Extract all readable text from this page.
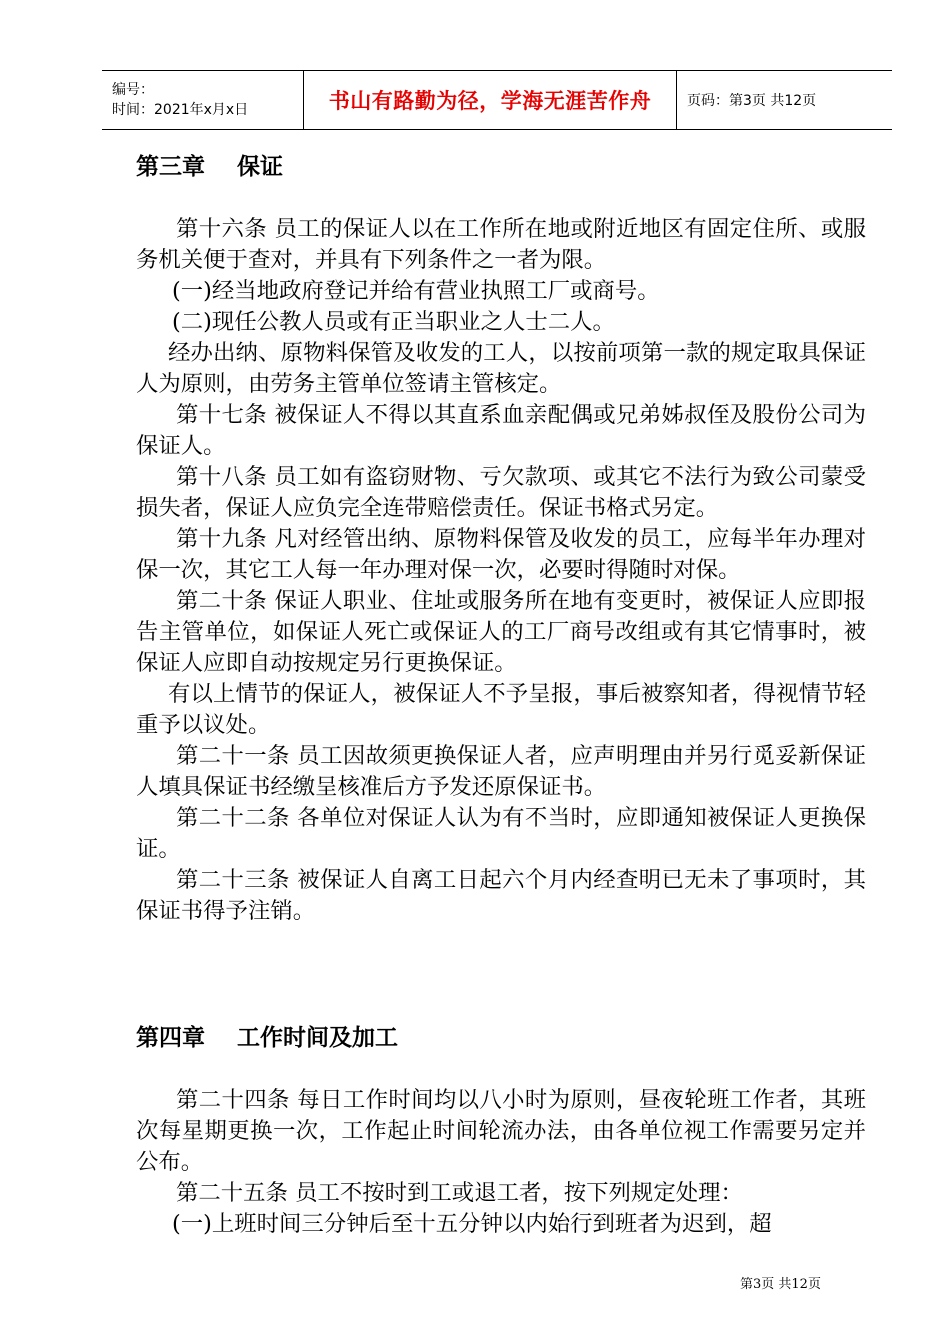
编号：
时间：2021年x月x日	书山有路勤为径，学海无涯苦作舟	页码：第3页 共12页
第三章    保证

第十六条 员工的保证人以在工作所在地或附近地区有固定住所、或服务机关便于查对，并具有下列条件之一者为限。

(一)经当地政府登记并给有营业执照工厂或商号。

(二)现任公教人员或有正当职业之人士二人。

经办出纳、原物料保管及收发的工人，以按前项第一款的规定取具保证人为原则，由劳务主管单位签请主管核定。

第十七条 被保证人不得以其直系血亲配偶或兄弟姊叔侄及股份公司为保证人。

第十八条 员工如有盗窃财物、亏欠款项、或其它不法行为致公司蒙受损失者，保证人应负完全连带赔偿责任。保证书格式另定。

第十九条 凡对经管出纳、原物料保管及收发的员工，应每半年办理对保一次，其它工人每一年办理对保一次，必要时得随时对保。

第二十条 保证人职业、住址或服务所在地有变更时，被保证人应即报告主管单位，如保证人死亡或保证人的工厂商号改组或有其它情事时，被保证人应即自动按规定另行更换保证。

有以上情节的保证人，被保证人不予呈报，事后被察知者，得视情节轻重予以议处。

第二十一条 员工因故须更换保证人者，应声明理由并另行觅妥新保证人填具保证书经缴呈核准后方予发还原保证书。

第二十二条 各单位对保证人认为有不当时，应即通知被保证人更换保证。

第二十三条 被保证人自离工日起六个月内经查明已无未了事项时，其保证书得予注销。

第四章    工作时间及加工

第二十四条 每日工作时间均以八小时为原则，昼夜轮班工作者，其班次每星期更换一次，工作起止时间轮流办法，由各单位视工作需要另定并公布。

第二十五条 员工不按时到工或退工者，按下列规定处理：

(一)上班时间三分钟后至十五分钟以内始行到班者为迟到，超

第3页 共12页
